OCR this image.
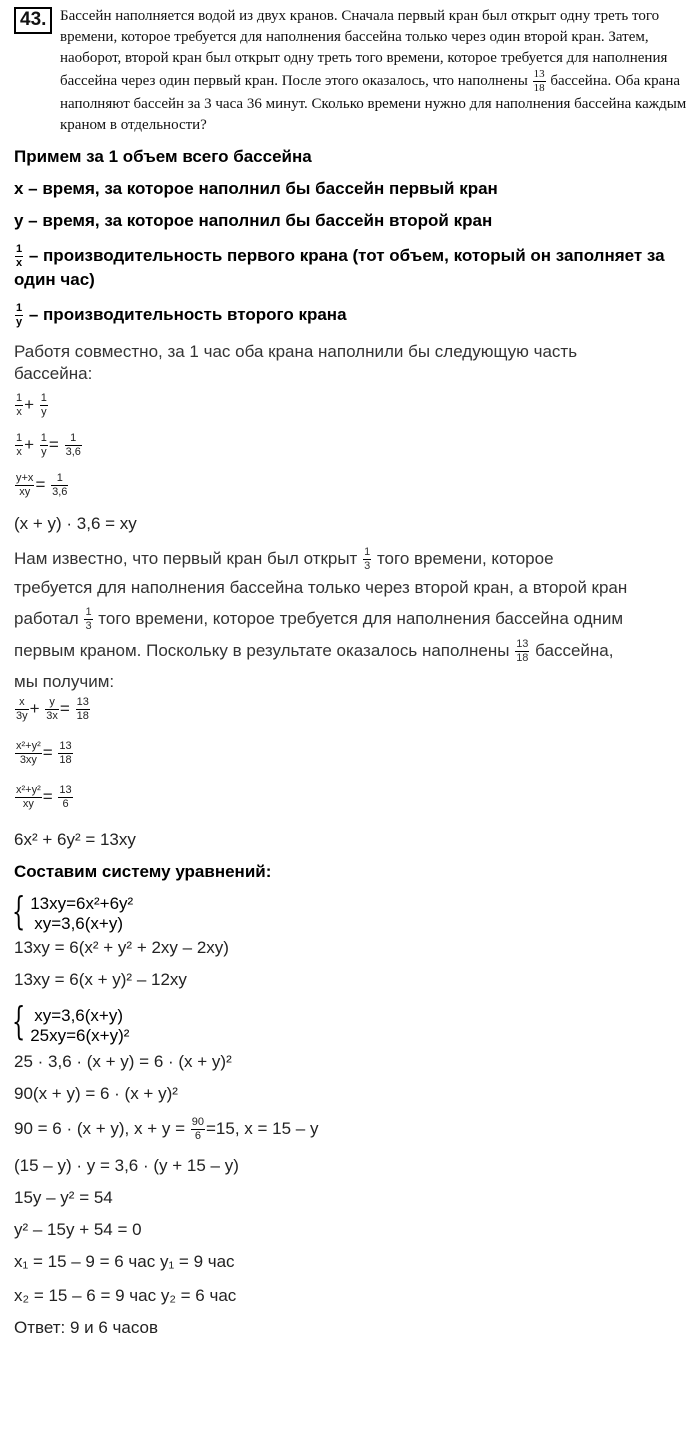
43. Бассейн наполняется водой из двух кранов. Сначала первый кран был открыт одну треть того времени, которое требуется для наполнения бассейна только через один второй кран. Затем, наоборот, второй кран был открыт одну треть того времени, которое требуется для наполнения бассейна через один первый кран. После этого оказалось, что наполнены $\frac{13}{18}$ бассейна. Оба крана наполняют бассейн за 3 часа 36 минут. Сколько времени нужно для наполнения бассейна каждым краном в отдельности?
Примем за 1 объем всего бассейна
х – время, за которое наполнил бы бассейн первый кран
у – время, за которое наполнил бы бассейн второй кран
$\frac{1}{x}$ – производительность первого крана (тот объем, который он заполняет за
один час)
$\frac{1}{y}$ – производительность второго крана
Работя совместно, за 1 час оба крана наполнили бы следующую часть
бассейна:
$\frac{1}{x} + \frac{1}{y}$
$\frac{1}{x} + \frac{1}{y} = \frac{1}{3,6}$
$\frac{y+x}{xy} = \frac{1}{3,6}$
(x + y) · 3,6 = xy
Нам известно, что первый кран был открыт $\frac{1}{3}$ того времени, которое
требуется для наполнения бассейна только через второй кран, а второй кран
работал $\frac{1}{3}$ того времени, которое требуется для наполнения бассейна одним
первым краном. Поскольку в результате оказалось наполнены $\frac{13}{18}$ бассейна,
мы получим:
$\frac{x}{3y} + \frac{y}{3x} = \frac{13}{18}$
$\frac{\text{x²+y²}}{3xy} = \frac{13}{18}$
$\frac{\text{x²+y²}}{xy} = \frac{13}{6}$
6x² + 6y² = 13xy
Составим систему уравнений:
{ 13xy=6x²+6y²
xy=3,6(x+y)
13xy = 6(x² + y² + 2xy – 2xy)
13xy = 6(x + y)² – 12xy
{ xy=3,6(x+y)
25xy=6(x+y)²
25 · 3,6 · (x + y) = 6 · (x + y)²
90(x + y) = 6 · (x + y)²
90 = 6 · (x + y), $x + y = \frac{90}{6} =15$, x = 15 – y
(15 – y) · y = 3,6 · (y + 15 – y)
15y – y² = 54
y² – 15y + 54 = 0
x₁ = 15 – 9 = 6 час y₁ = 9 час
x₂ = 15 – 6 = 9 час y₂ = 6 час
Ответ: 9 и 6 часов
